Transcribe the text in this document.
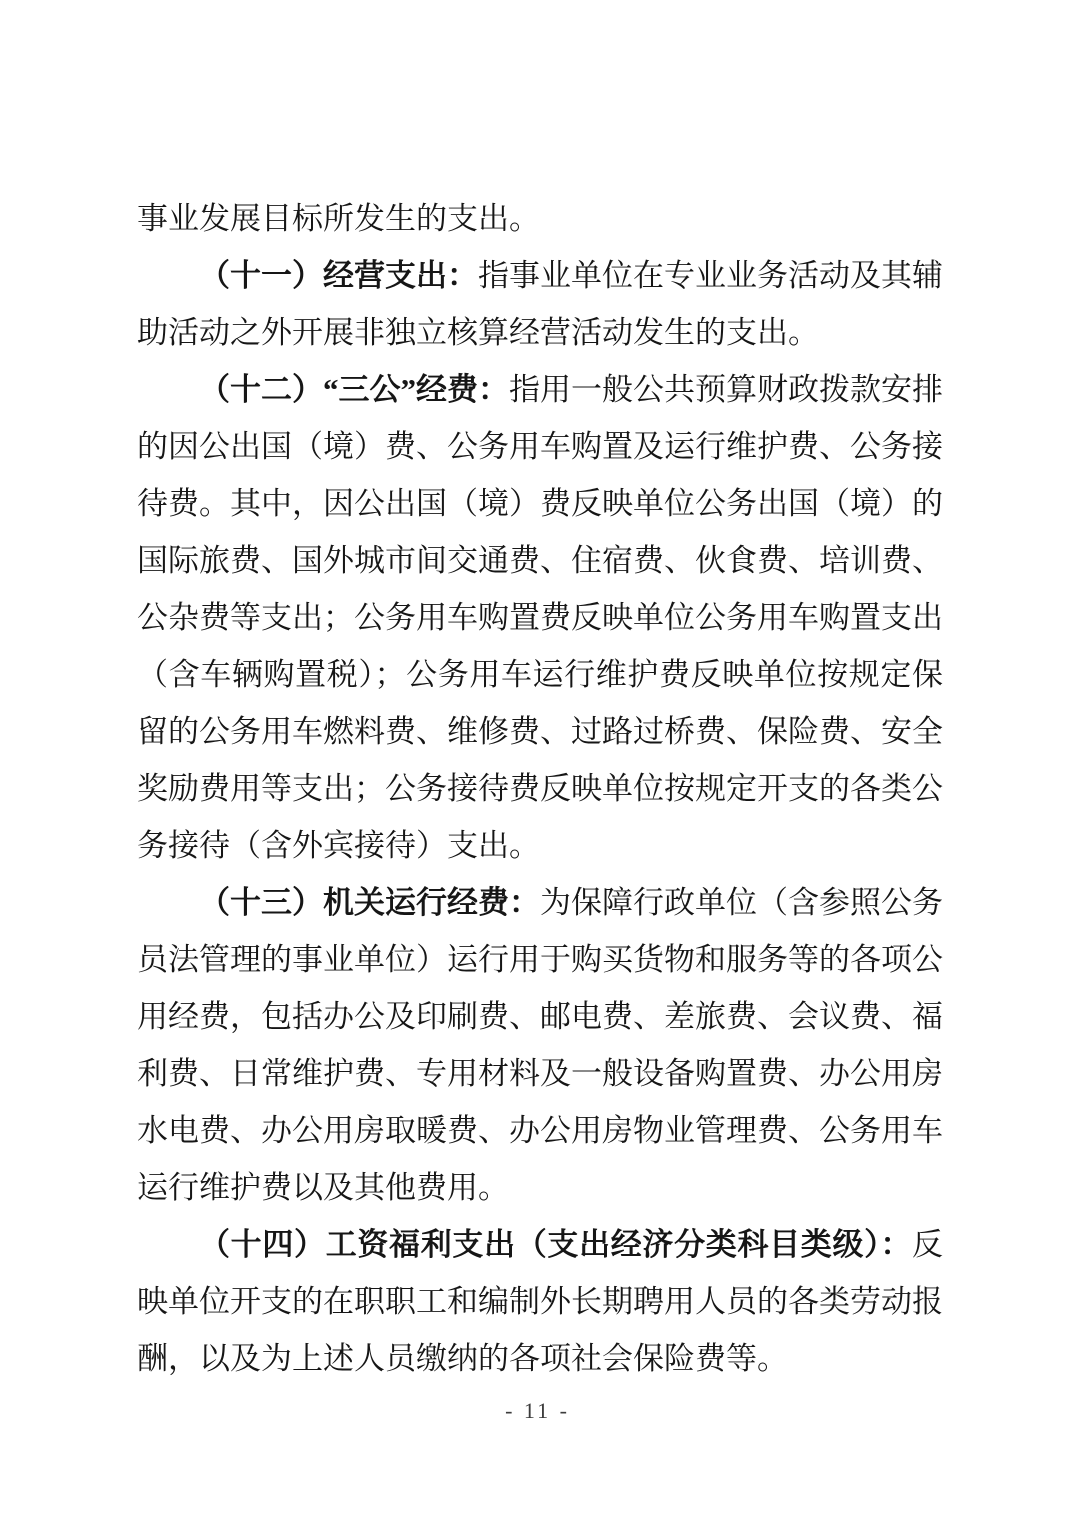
事业发展目标所发生的支出。

（十一）经营支出：指事业单位在专业业务活动及其辅助活动之外开展非独立核算经营活动发生的支出。

（十二）“三公”经费：指用一般公共预算财政拨款安排的因公出国（境）费、公务用车购置及运行维护费、公务接待费。其中，因公出国（境）费反映单位公务出国（境）的国际旅费、国外城市间交通费、住宿费、伙食费、培训费、公杂费等支出；公务用车购置费反映单位公务用车购置支出（含车辆购置税）；公务用车运行维护费反映单位按规定保留的公务用车燃料费、维修费、过路过桥费、保险费、安全奖励费用等支出；公务接待费反映单位按规定开支的各类公务接待（含外宾接待）支出。

（十三）机关运行经费：为保障行政单位（含参照公务员法管理的事业单位）运行用于购买货物和服务等的各项公用经费，包括办公及印刷费、邮电费、差旅费、会议费、福利费、日常维护费、专用材料及一般设备购置费、办公用房水电费、办公用房取暖费、办公用房物业管理费、公务用车运行维护费以及其他费用。

（十四）工资福利支出（支出经济分类科目类级）：反映单位开支的在职职工和编制外长期聘用人员的各类劳动报酬，以及为上述人员缴纳的各项社会保险费等。

- 11 -
